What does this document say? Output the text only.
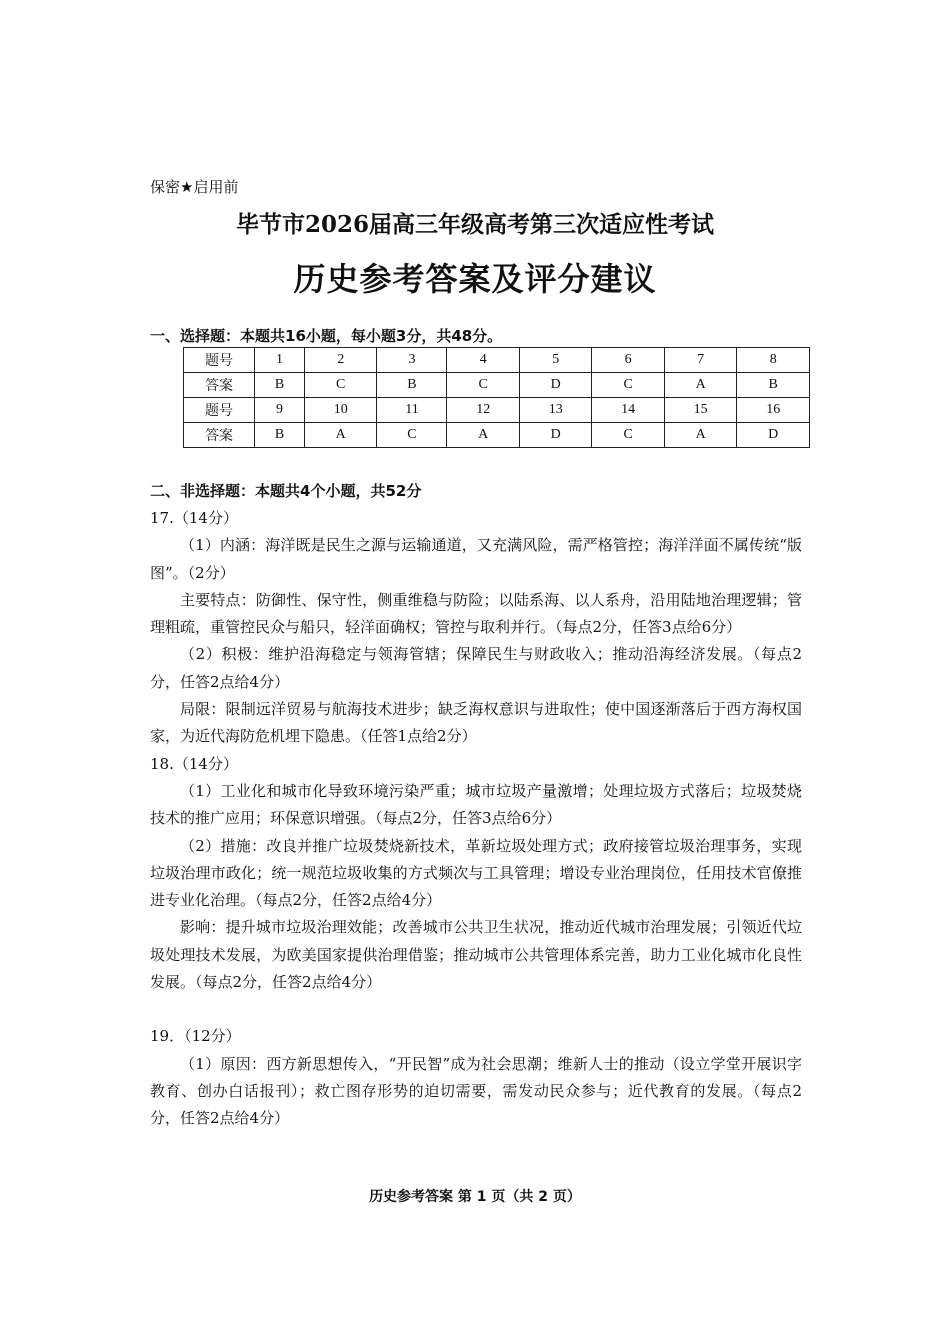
保密★启用前
毕节市2026届高三年级高考第三次适应性考试
历史参考答案及评分建议
一、选择题：本题共16小题，每小题3分，共48分。
题号	1	2	3	4	5	6	7	8
答案	B	C	B	C	D	C	A	B
题号	9	10	11	12	13	14	15	16
答案	B	A	C	A	D	C	A	D
二、非选择题：本题共4个小题，共52分

17.（14分）

（1）内涵：海洋既是民生之源与运输通道，又充满风险，需严格管控；海洋洋面不属传统“版图”。（2分）

主要特点：防御性、保守性，侧重维稳与防险；以陆系海、以人系舟，沿用陆地治理逻辑；管理粗疏，重管控民众与船只，轻洋面确权；管控与取利并行。（每点2分，任答3点给6分）

（2）积极：维护沿海稳定与领海管辖；保障民生与财政收入；推动沿海经济发展。（每点2分，任答2点给4分）

局限：限制远洋贸易与航海技术进步；缺乏海权意识与进取性；使中国逐渐落后于西方海权国家，为近代海防危机埋下隐患。（任答1点给2分）

18.（14分）

（1）工业化和城市化导致环境污染严重；城市垃圾产量激增；处理垃圾方式落后；垃圾焚烧技术的推广应用；环保意识增强。（每点2分，任答3点给6分）

（2）措施：改良并推广垃圾焚烧新技术，革新垃圾处理方式；政府接管垃圾治理事务，实现垃圾治理市政化；统一规范垃圾收集的方式频次与工具管理；增设专业治理岗位，任用技术官僚推进专业化治理。（每点2分，任答2点给4分）

影响：提升城市垃圾治理效能；改善城市公共卫生状况，推动近代城市治理发展；引领近代垃圾处理技术发展，为欧美国家提供治理借鉴；推动城市公共管理体系完善，助力工业化城市化良性发展。（每点2分，任答2点给4分）

19．（12分）

（1）原因：西方新思想传入，“开民智”成为社会思潮；维新人士的推动（设立学堂开展识字教育、创办白话报刊）；救亡图存形势的迫切需要，需发动民众参与；近代教育的发展。（每点2分，任答2点给4分）

历史参考答案 第 1 页（共 2 页）
